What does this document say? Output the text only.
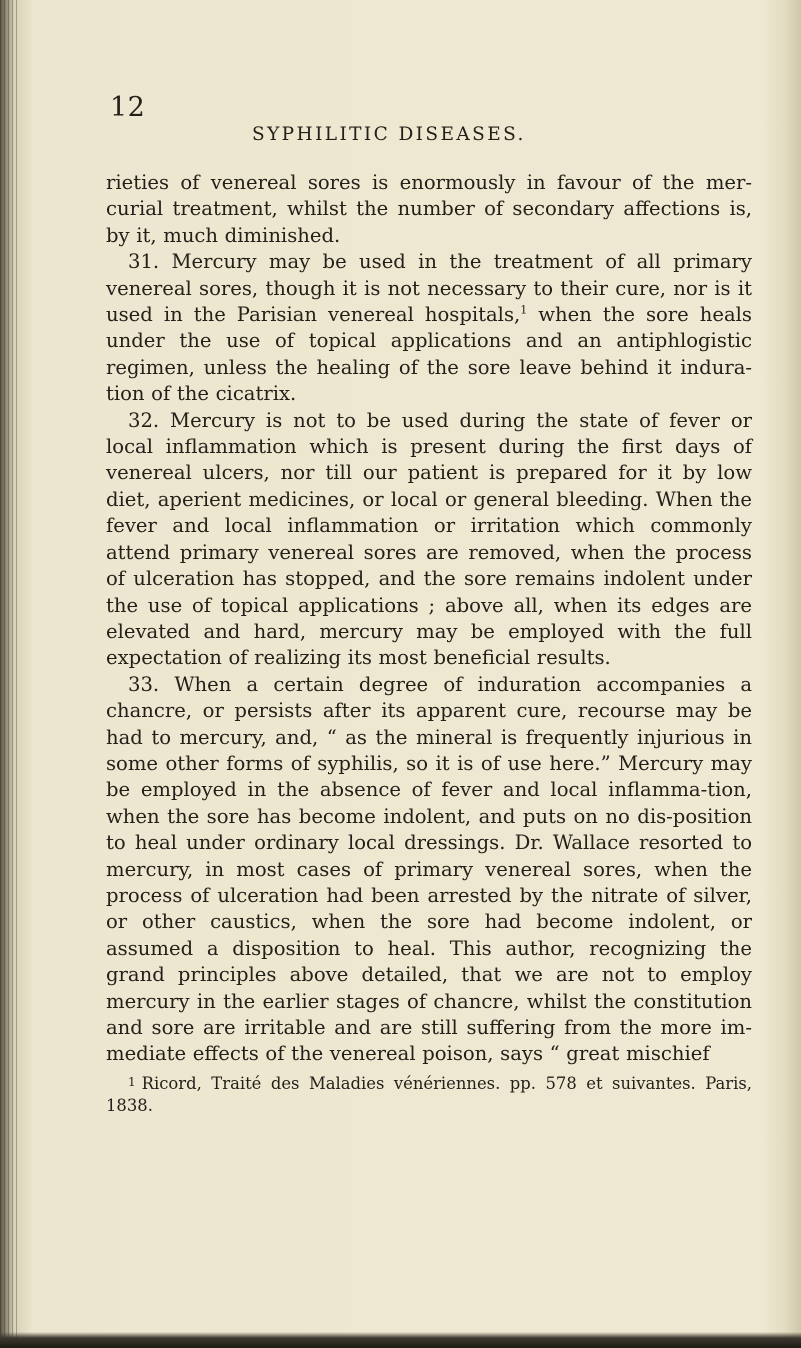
12

SYPHILITIC DISEASES.

rieties of venereal sores is enormously in favour of the mer-curial treatment, whilst the number of secondary affections is, by it, much diminished.

31. Mercury may be used in the treatment of all primary venereal sores, though it is not necessary to their cure, nor is it used in the Parisian venereal hospitals,$^1$ when the sore heals under the use of topical applications and an antiphlogistic regimen, unless the healing of the sore leave behind it indura-tion of the cicatrix.

32. Mercury is not to be used during the state of fever or local inflammation which is present during the first days of venereal ulcers, nor till our patient is prepared for it by low diet, aperient medicines, or local or general bleeding. When the fever and local inflammation or irritation which commonly attend primary venereal sores are removed, when the process of ulceration has stopped, and the sore remains indolent under the use of topical applications ; above all, when its edges are elevated and hard, mercury may be employed with the full expectation of realizing its most beneficial results.

33. When a certain degree of induration accompanies a chancre, or persists after its apparent cure, recourse may be had to mercury, and, “ as the mineral is frequently injurious in some other forms of syphilis, so it is of use here.” Mercury may be employed in the absence of fever and local inflamma-tion, when the sore has become indolent, and puts on no dis-position to heal under ordinary local dressings. Dr. Wallace resorted to mercury, in most cases of primary venereal sores, when the process of ulceration had been arrested by the nitrate of silver, or other caustics, when the sore had become indolent, or assumed a disposition to heal. This author, recognizing the grand principles above detailed, that we are not to employ mercury in the earlier stages of chancre, whilst the constitution and sore are irritable and are still suffering from the more im-mediate effects of the venereal poison, says “ great mischief

$^1$ Ricord, Traité des Maladies vénériennes. pp. 578 et suivantes. Paris, 1838.
